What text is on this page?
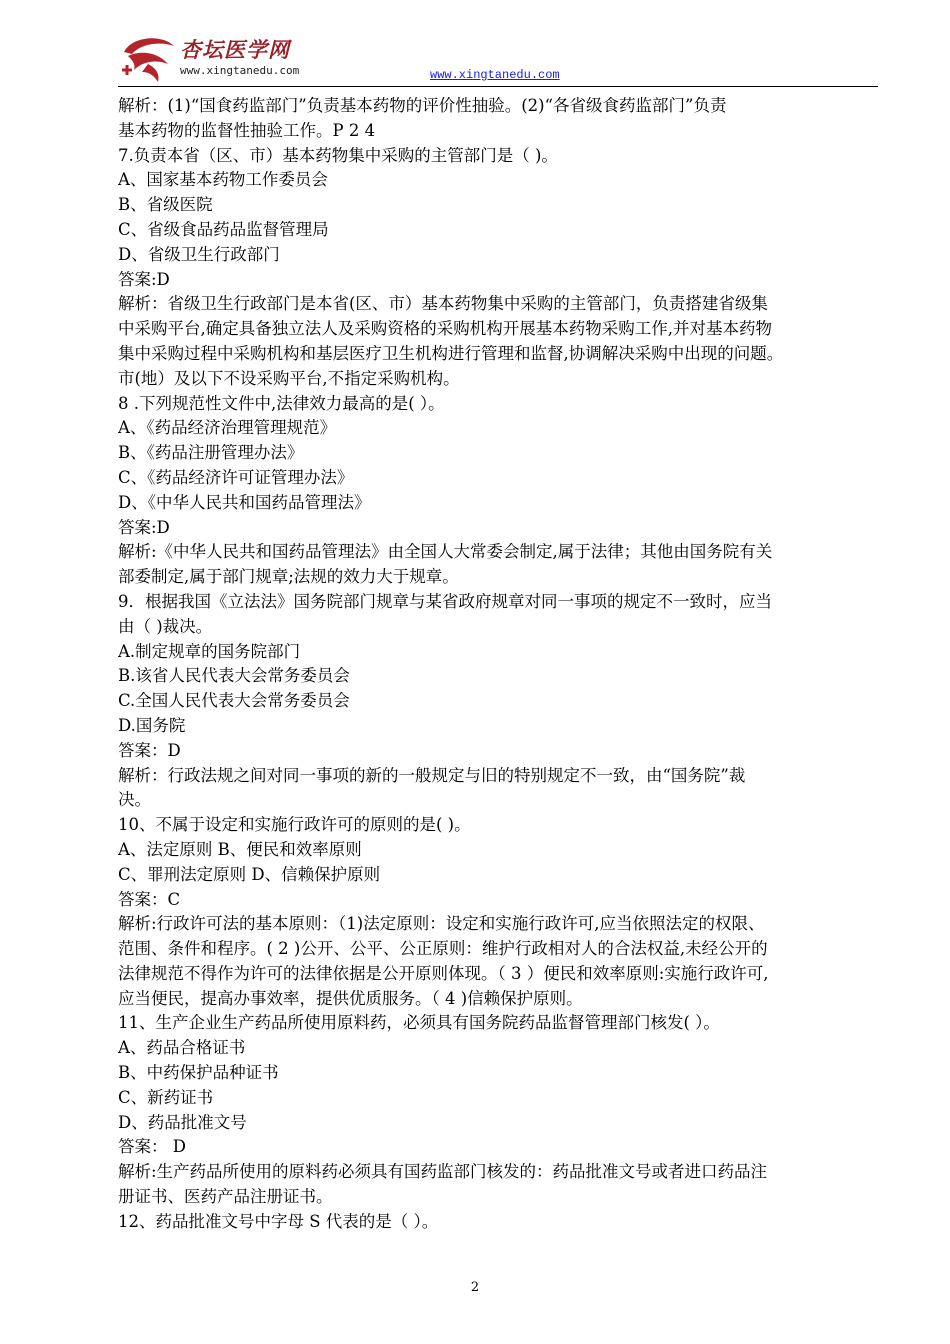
杏坛医学网
www.xingtanedu.com	www.xingtanedu.com
解析：(1)“国食药监部门”负责基本药物的评价性抽验。(2)“各省级食药监部门”负责
基本药物的监督性抽验工作。P 2 4
7.负责本省（区、市）基本药物集中采购的主管部门是（ )。
A、国家基本药物工作委员会
B、省级医院
C、省级食品药品监督管理局
D、省级卫生行政部门
答案:D
解析：省级卫生行政部门是本省(区、市）基本药物集中采购的主管部门，负责搭建省级集
中采购平台,确定具备独立法人及采购资格的采购机构开展基本药物采购工作,并对基本药物
集中采购过程中采购机构和基层医疗卫生机构进行管理和监督,协调解决采购中出现的问题。
市(地）及以下不设采购平台,不指定采购机构。
8 .下列规范性文件中,法律效力最高的是( ）。
A、《药品经济治理管理规范》
B、《药品注册管理办法》
C、《药品经济许可证管理办法》
D、《中华人民共和国药品管理法》
答案:D
解析:《中华人民共和国药品管理法》由全国人大常委会制定,属于法律；其他由国务院有关
部委制定,属于部门规章;法规的效力大于规章。
9．根据我国《立法法》国务院部门规章与某省政府规章对同一事项的规定不一致时，应当
由（ )裁决。
A.制定规章的国务院部门
B.该省人民代表大会常务委员会
C.全国人民代表大会常务委员会
D.国务院
答案：D
解析：行政法规之间对同一事项的新的一般规定与旧的特别规定不一致，由“国务院”裁
决。
10、不属于设定和实施行政许可的原则的是( )。
A、法定原则 B、便民和效率原则
C、罪刑法定原则 D、信赖保护原则
答案：C
解析:行政许可法的基本原则：（1)法定原则：设定和实施行政许可,应当依照法定的权限、
范围、条件和程序。( 2 )公开、公平、公正原则：维护行政相对人的合法权益,未经公开的
法律规范不得作为许可的法律依据是公开原则体现。（ 3 ）便民和效率原则:实施行政许可,
应当便民，提高办事效率，提供优质服务。（ 4 )信赖保护原则。
11、生产企业生产药品所使用原料药，必须具有国务院药品监督管理部门核发( ）。
A、药品合格证书
B、中药保护品种证书
C、新药证书
D、药品批准文号
答案： D
解析:生产药品所使用的原料药必须具有国药监部门核发的：药品批准文号或者进口药品注
册证书、医药产品注册证书。
12、药品批准文号中字母 S 代表的是（ ）。
2
